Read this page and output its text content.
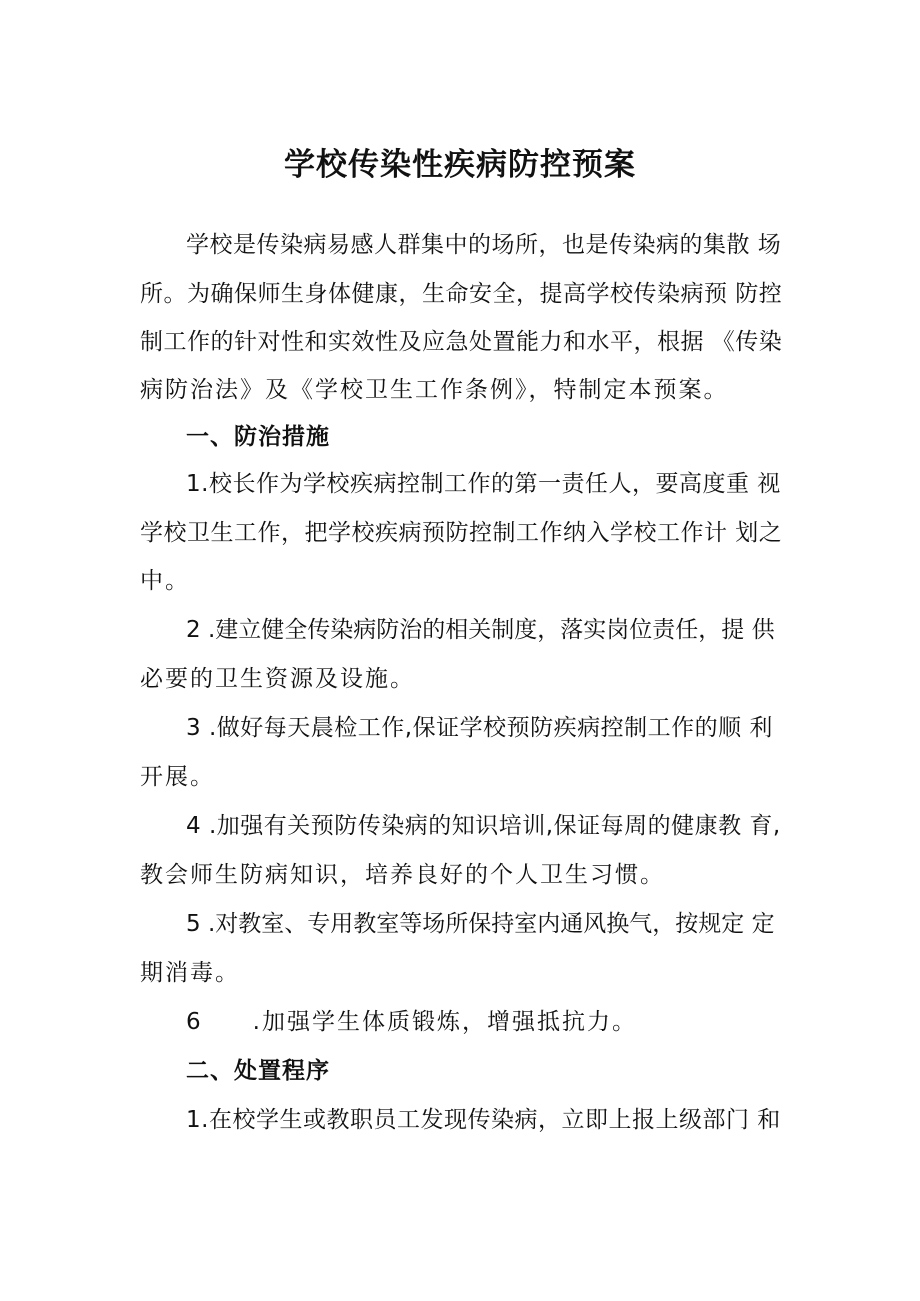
学校传染性疾病防控预案
学校是传染病易感人群集中的场所，也是传染病的集散 场
所。为确保师生身体健康，生命安全，提高学校传染病预 防控
制工作的针对性和实效性及应急处置能力和水平，根据 《传染
病防治法》及《学校卫生工作条例》，特制定本预案。
一、防治措施
1.校长作为学校疾病控制工作的第一责任人，要高度重 视
学校卫生工作，把学校疾病预防控制工作纳入学校工作计 划之
中。
2 .建立健全传染病防治的相关制度，落实岗位责任，提 供
必要的卫生资源及设施。
3 .做好每天晨检工作,保证学校预防疾病控制工作的顺 利
开展。
4 .加强有关预防传染病的知识培训,保证每周的健康教 育,
教会师生防病知识，培养良好的个人卫生习惯。
5 .对教室、专用教室等场所保持室内通风换气，按规定 定
期消毒。
6　　.加强学生体质锻炼，增强抵抗力。
二、处置程序
1.在校学生或教职员工发现传染病，立即上报上级部门 和
